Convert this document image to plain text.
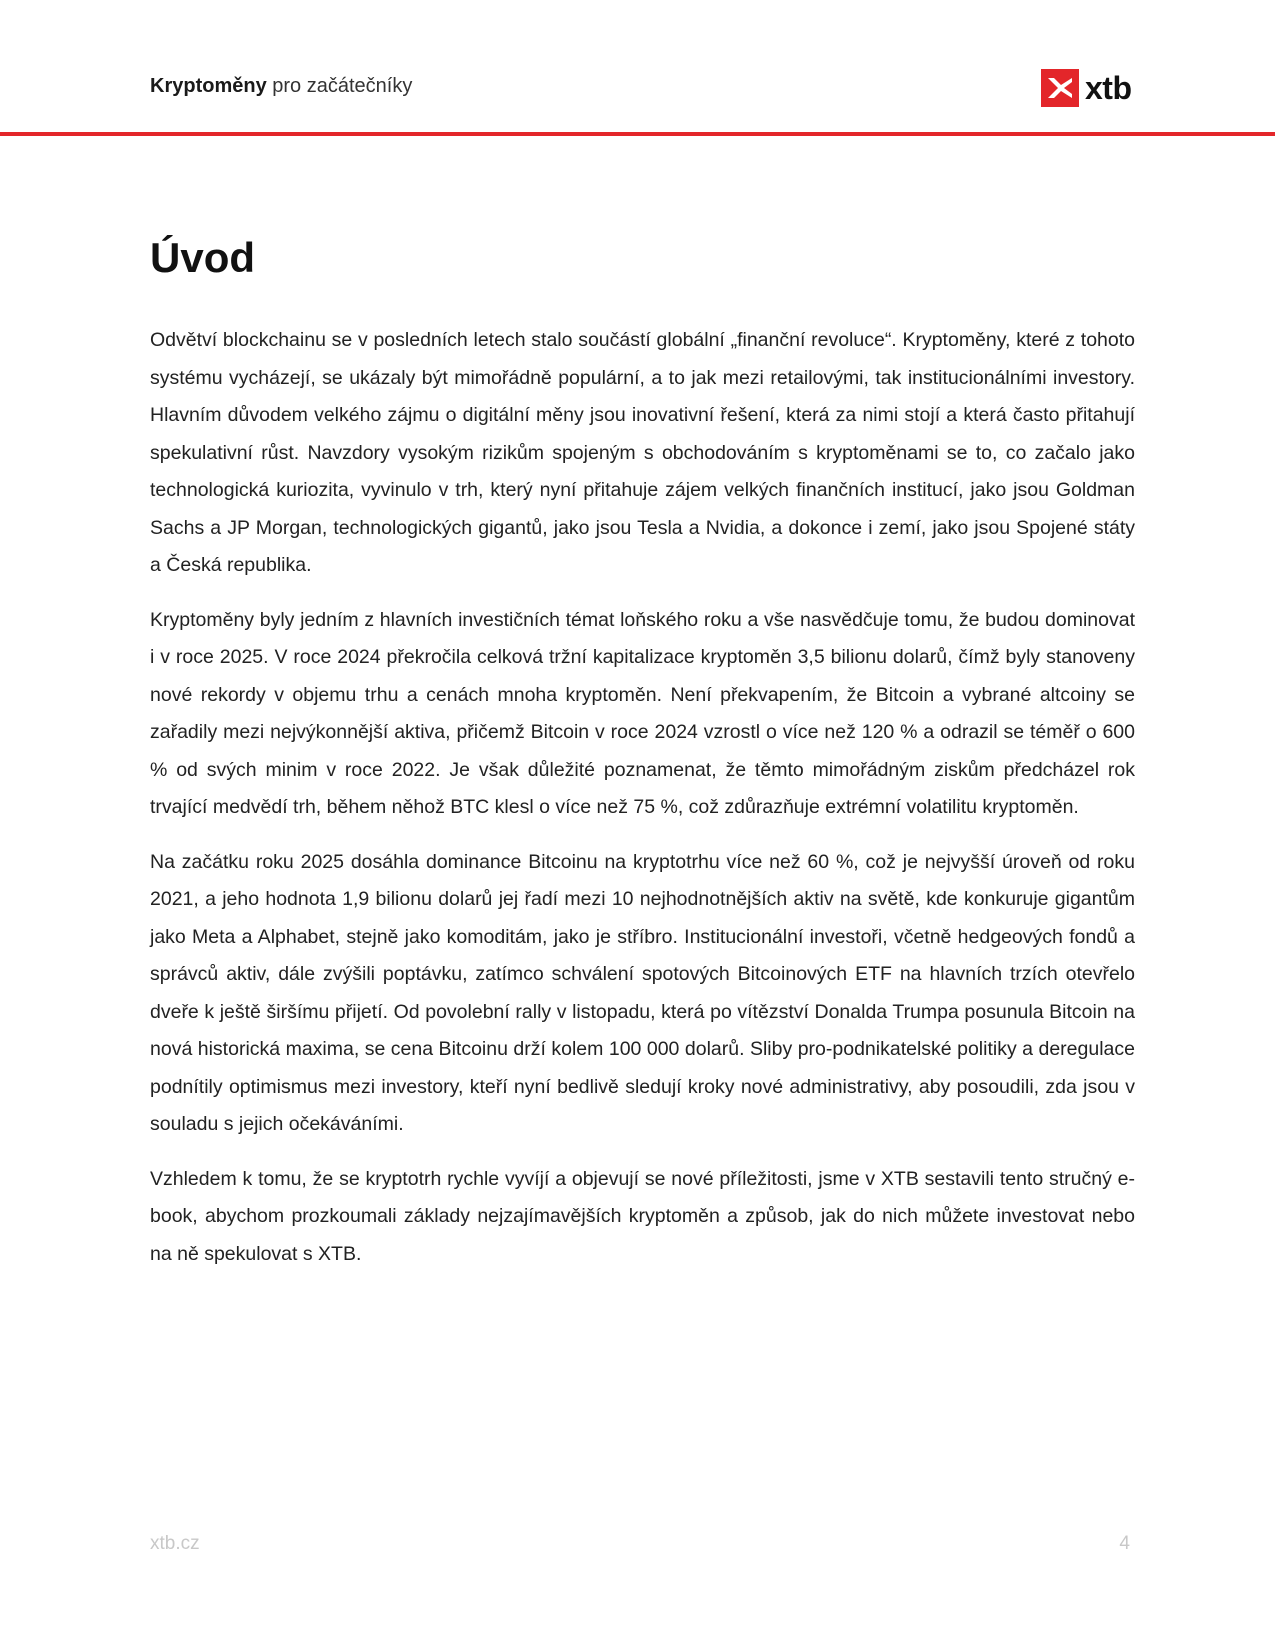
Kryptoměny pro začátečníky	xtb
Úvod

Odvětví blockchainu se v posledních letech stalo součástí globální „finanční revoluce“. Kryptoměny, které z tohoto systému vycházejí, se ukázaly být mimořádně populární, a to jak mezi retailovými, tak institucionálními investory. Hlavním důvodem velkého zájmu o digitální měny jsou inovativní řešení, která za nimi stojí a která často přitahují spekulativní růst. Navzdory vysokým rizikům spojeným s obchodováním s kryptoměnami se to, co začalo jako technologická kuriozita, vyvinulo v trh, který nyní přitahuje zájem velkých finančních institucí, jako jsou Goldman Sachs a JP Morgan, technologických gigantů, jako jsou Tesla a Nvidia, a dokonce i zemí, jako jsou Spojené státy a Česká republika.

Kryptoměny byly jedním z hlavních investičních témat loňského roku a vše nasvědčuje tomu, že budou dominovat i v roce 2025. V roce 2024 překročila celková tržní kapitalizace kryptoměn 3,5 bilionu dolarů, čímž byly stanoveny nové rekordy v objemu trhu a cenách mnoha kryptoměn. Není překvapením, že Bitcoin a vybrané altcoiny se zařadily mezi nejvýkonnější aktiva, přičemž Bitcoin v roce 2024 vzrostl o více než 120 % a odrazil se téměř o 600 % od svých minim v roce 2022. Je však důležité poznamenat, že těmto mimořádným ziskům předcházel rok trvající medvědí trh, během něhož BTC klesl o více než 75 %, což zdůrazňuje extrémní volatilitu kryptoměn.

Na začátku roku 2025 dosáhla dominance Bitcoinu na kryptotrhu více než 60 %, což je nejvyšší úroveň od roku 2021, a jeho hodnota 1,9 bilionu dolarů jej řadí mezi 10 nejhodnotnějších aktiv na světě, kde konkuruje gigantům jako Meta a Alphabet, stejně jako komoditám, jako je stříbro. Institucionální investoři, včetně hedgeových fondů a správců aktiv, dále zvýšili poptávku, zatímco schválení spotových Bitcoinových ETF na hlavních trzích otevřelo dveře k ještě širšímu přijetí. Od povolební rally v listopadu, která po vítězství Donalda Trumpa posunula Bitcoin na nová historická maxima, se cena Bitcoinu drží kolem 100 000 dolarů. Sliby pro-podnikatelské politiky a deregulace podnítily optimismus mezi investory, kteří nyní bedlivě sledují kroky nové administrativy, aby posoudili, zda jsou v souladu s jejich očekáváními.

Vzhledem k tomu, že se kryptotrh rychle vyvíjí a objevují se nové příležitosti, jsme v XTB sestavili tento stručný e-book, abychom prozkoumali základy nejzajímavějších kryptoměn a způsob, jak do nich můžete investovat nebo na ně spekulovat s XTB.

xtb.cz	4
